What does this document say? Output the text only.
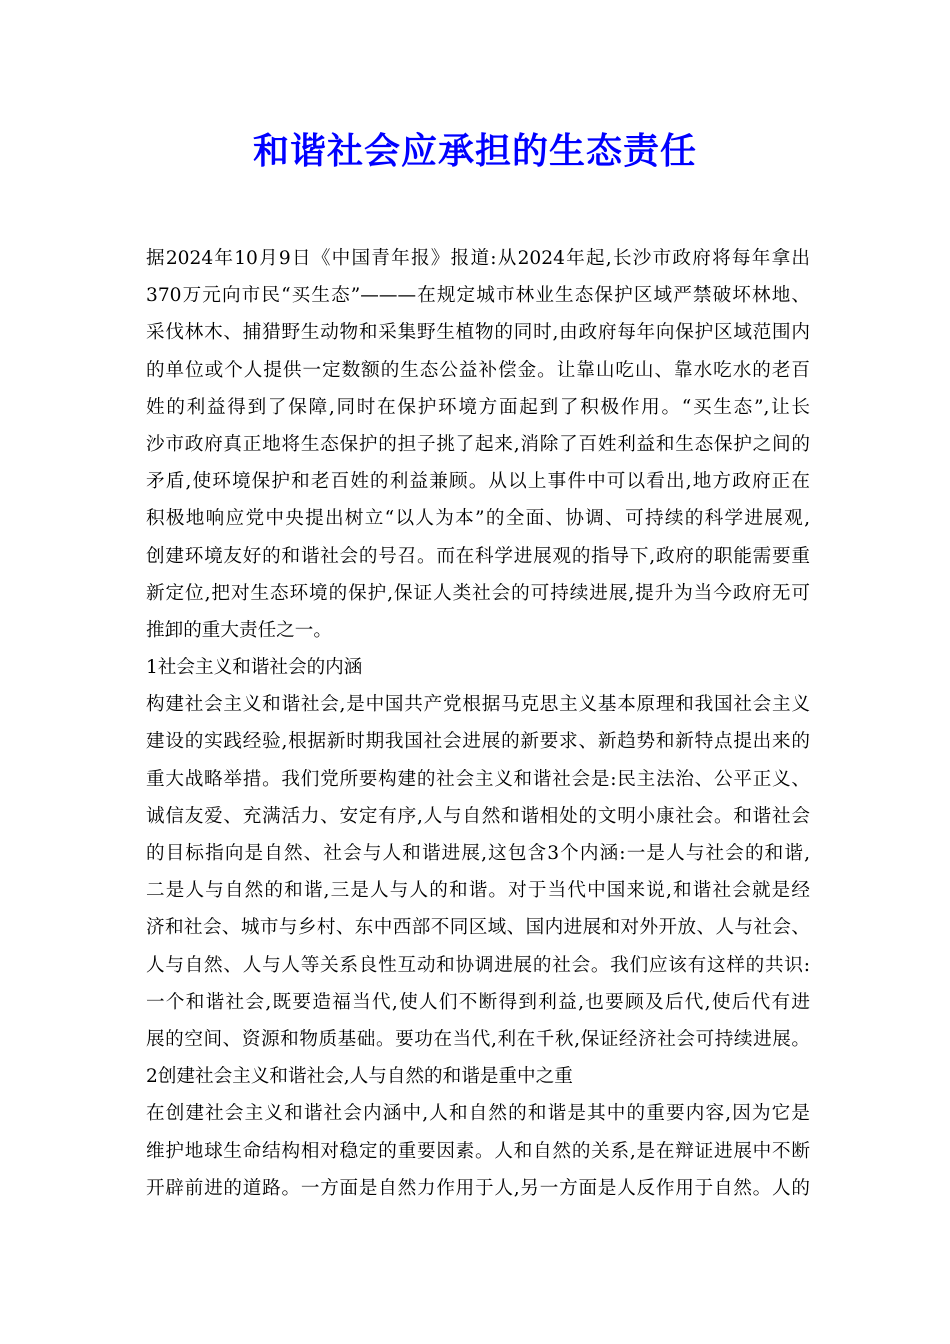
和谐社会应承担的生态责任
据2024年10月9日《中国青年报》报道:从2024年起,长沙市政府将每年拿出
370万元向市民“买生态”———在规定城市林业生态保护区域严禁破坏林地、
采伐林木、捕猎野生动物和采集野生植物的同时,由政府每年向保护区域范围内
的单位或个人提供一定数额的生态公益补偿金。让靠山吃山、靠水吃水的老百
姓的利益得到了保障,同时在保护环境方面起到了积极作用。“买生态”,让长
沙市政府真正地将生态保护的担子挑了起来,消除了百姓利益和生态保护之间的
矛盾,使环境保护和老百姓的利益兼顾。从以上事件中可以看出,地方政府正在
积极地响应党中央提出树立“以人为本”的全面、协调、可持续的科学进展观,
创建环境友好的和谐社会的号召。而在科学进展观的指导下,政府的职能需要重
新定位,把对生态环境的保护,保证人类社会的可持续进展,提升为当今政府无可
推卸的重大责任之一。
1社会主义和谐社会的内涵
构建社会主义和谐社会,是中国共产党根据马克思主义基本原理和我国社会主义
建设的实践经验,根据新时期我国社会进展的新要求、新趋势和新特点提出来的
重大战略举措。我们党所要构建的社会主义和谐社会是:民主法治、公平正义、
诚信友爱、充满活力、安定有序,人与自然和谐相处的文明小康社会。和谐社会
的目标指向是自然、社会与人和谐进展,这包含3个内涵:一是人与社会的和谐,
二是人与自然的和谐,三是人与人的和谐。对于当代中国来说,和谐社会就是经
济和社会、城市与乡村、东中西部不同区域、国内进展和对外开放、人与社会、
人与自然、人与人等关系良性互动和协调进展的社会。我们应该有这样的共识:
一个和谐社会,既要造福当代,使人们不断得到利益,也要顾及后代,使后代有进
展的空间、资源和物质基础。要功在当代,利在千秋,保证经济社会可持续进展。
2创建社会主义和谐社会,人与自然的和谐是重中之重
在创建社会主义和谐社会内涵中,人和自然的和谐是其中的重要内容,因为它是
维护地球生命结构相对稳定的重要因素。人和自然的关系,是在辩证进展中不断
开辟前进的道路。一方面是自然力作用于人,另一方面是人反作用于自然。人的
